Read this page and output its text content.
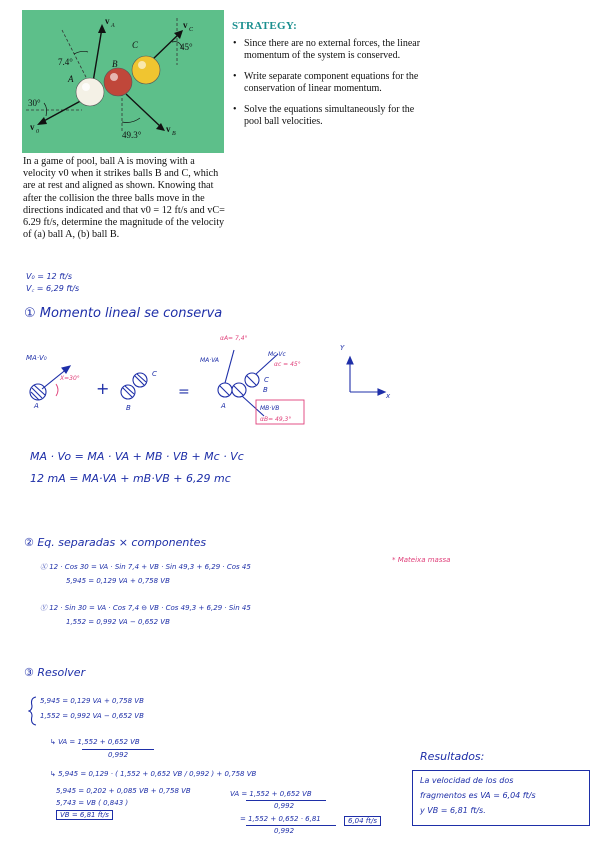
v A	v C
v B
v 0
7.4°
45°
30°
49.3°
A
B
C

In a game of pool, ball A is moving with a velocity v0 when it strikes balls B and C, which are at rest and aligned as shown. Knowing that after the collision the three balls move in the directions indicated and that v0 = 12 ft/s and vC= 6.29 ft/s, determine the magnitude of the velocity of (a) ball A, (b) ball B.

STRATEGY:
• Since there are no external forces, the linear momentum of the system is conserved.
• Write separate component equations for the conservation of linear momentum.
• Solve the equations simultaneously for the pool ball velocities.
V₀ = 12 ft/s
V꜀ = 6,29 ft/s
① Momento lineal se conserva
MA·V₀
A
+
B
C
=
MA·VA
Mc·Vc
MB·VB
A
B
C
Y
x
X=30°
αA= 7,4°
αc = 45°
αB= 49,3°
MA · Vo = MA · VA + MB · VB + Mc · Vc
12 mA = MA·VA + mB·VB + 6,29 mc
② Eq. separadas × componentes
* Mateixa massa
Ⓧ 12 · Cos 30 = VA · Sin 7,4 + VB · Sin 49,3 + 6,29 · Cos 45
5,945 = 0,129 VA + 0,758 VB
Ⓨ 12 · Sin 30 = VA · Cos 7,4 ⊖ VB · Cos 49,3 + 6,29 · Sin 45
1,552 = 0,992 VA − 0,652 VB
③ Resolver
5,945 = 0,129 VA + 0,758 VB
1,552 = 0,992 VA − 0,652 VB
↳ VA = 1,552 + 0,652 VB
0,992
↳ 5,945 = 0,129 · ( 1,552 + 0,652 VB / 0,992 ) + 0,758 VB
5,945 = 0,202 + 0,085 VB + 0,758 VB
5,743 = VB ( 0,843 )
VB = 6,81 ft/s
VA = 1,552 + 0,652 VB
0,992
= 1,552 + 0,652 · 6,81
0,992
6,04 ft/s
Resultados:
La velocidad de los dos
fragmentos es VA = 6,04 ft/s
y VB = 6,81 ft/s.
